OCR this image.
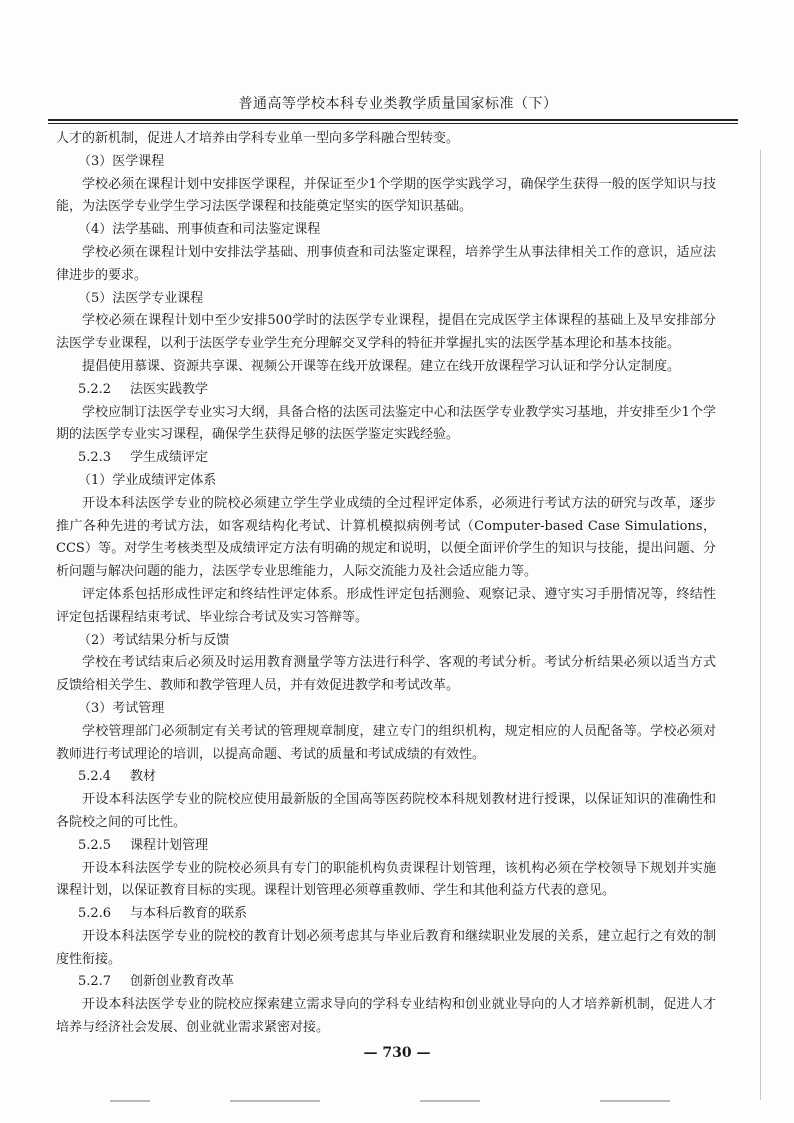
普通高等学校本科专业类教学质量国家标准（下）

人才的新机制，促进人才培养由学科专业单一型向多学科融合型转变。

（3）医学课程

学校必须在课程计划中安排医学课程，并保证至少1个学期的医学实践学习，确保学生获得一般的医学知识与技能，为法医学专业学生学习法医学课程和技能奠定坚实的医学知识基础。

（4）法学基础、刑事侦查和司法鉴定课程

学校必须在课程计划中安排法学基础、刑事侦查和司法鉴定课程，培养学生从事法律相关工作的意识，适应法律进步的要求。

（5）法医学专业课程

学校必须在课程计划中至少安排500学时的法医学专业课程，提倡在完成医学主体课程的基础上及早安排部分法医学专业课程，以利于法医学专业学生充分理解交叉学科的特征并掌握扎实的法医学基本理论和基本技能。

提倡使用慕课、资源共享课、视频公开课等在线开放课程。建立在线开放课程学习认证和学分认定制度。

5.2.2 法医实践教学

学校应制订法医学专业实习大纲，具备合格的法医司法鉴定中心和法医学专业教学实习基地，并安排至少1个学期的法医学专业实习课程，确保学生获得足够的法医学鉴定实践经验。

5.2.3 学生成绩评定

（1）学业成绩评定体系

开设本科法医学专业的院校必须建立学生学业成绩的全过程评定体系，必须进行考试方法的研究与改革，逐步推广各种先进的考试方法，如客观结构化考试、计算机模拟病例考试（Computer-based Case Simulations，CCS）等。对学生考核类型及成绩评定方法有明确的规定和说明，以便全面评价学生的知识与技能，提出问题、分析问题与解决问题的能力，法医学专业思维能力，人际交流能力及社会适应能力等。

评定体系包括形成性评定和终结性评定体系。形成性评定包括测验、观察记录、遵守实习手册情况等，终结性评定包括课程结束考试、毕业综合考试及实习答辩等。

（2）考试结果分析与反馈

学校在考试结束后必须及时运用教育测量学等方法进行科学、客观的考试分析。考试分析结果必须以适当方式反馈给相关学生、教师和教学管理人员，并有效促进教学和考试改革。

（3）考试管理

学校管理部门必须制定有关考试的管理规章制度，建立专门的组织机构，规定相应的人员配备等。学校必须对教师进行考试理论的培训，以提高命题、考试的质量和考试成绩的有效性。

5.2.4 教材

开设本科法医学专业的院校应使用最新版的全国高等医药院校本科规划教材进行授课，以保证知识的准确性和各院校之间的可比性。

5.2.5 课程计划管理

开设本科法医学专业的院校必须具有专门的职能机构负责课程计划管理，该机构必须在学校领导下规划并实施课程计划，以保证教育目标的实现。课程计划管理必须尊重教师、学生和其他利益方代表的意见。

5.2.6 与本科后教育的联系

开设本科法医学专业的院校的教育计划必须考虑其与毕业后教育和继续职业发展的关系，建立起行之有效的制度性衔接。

5.2.7 创新创业教育改革

开设本科法医学专业的院校应探索建立需求导向的学科专业结构和创业就业导向的人才培养新机制，促进人才培养与经济社会发展、创业就业需求紧密对接。

— 730 —
